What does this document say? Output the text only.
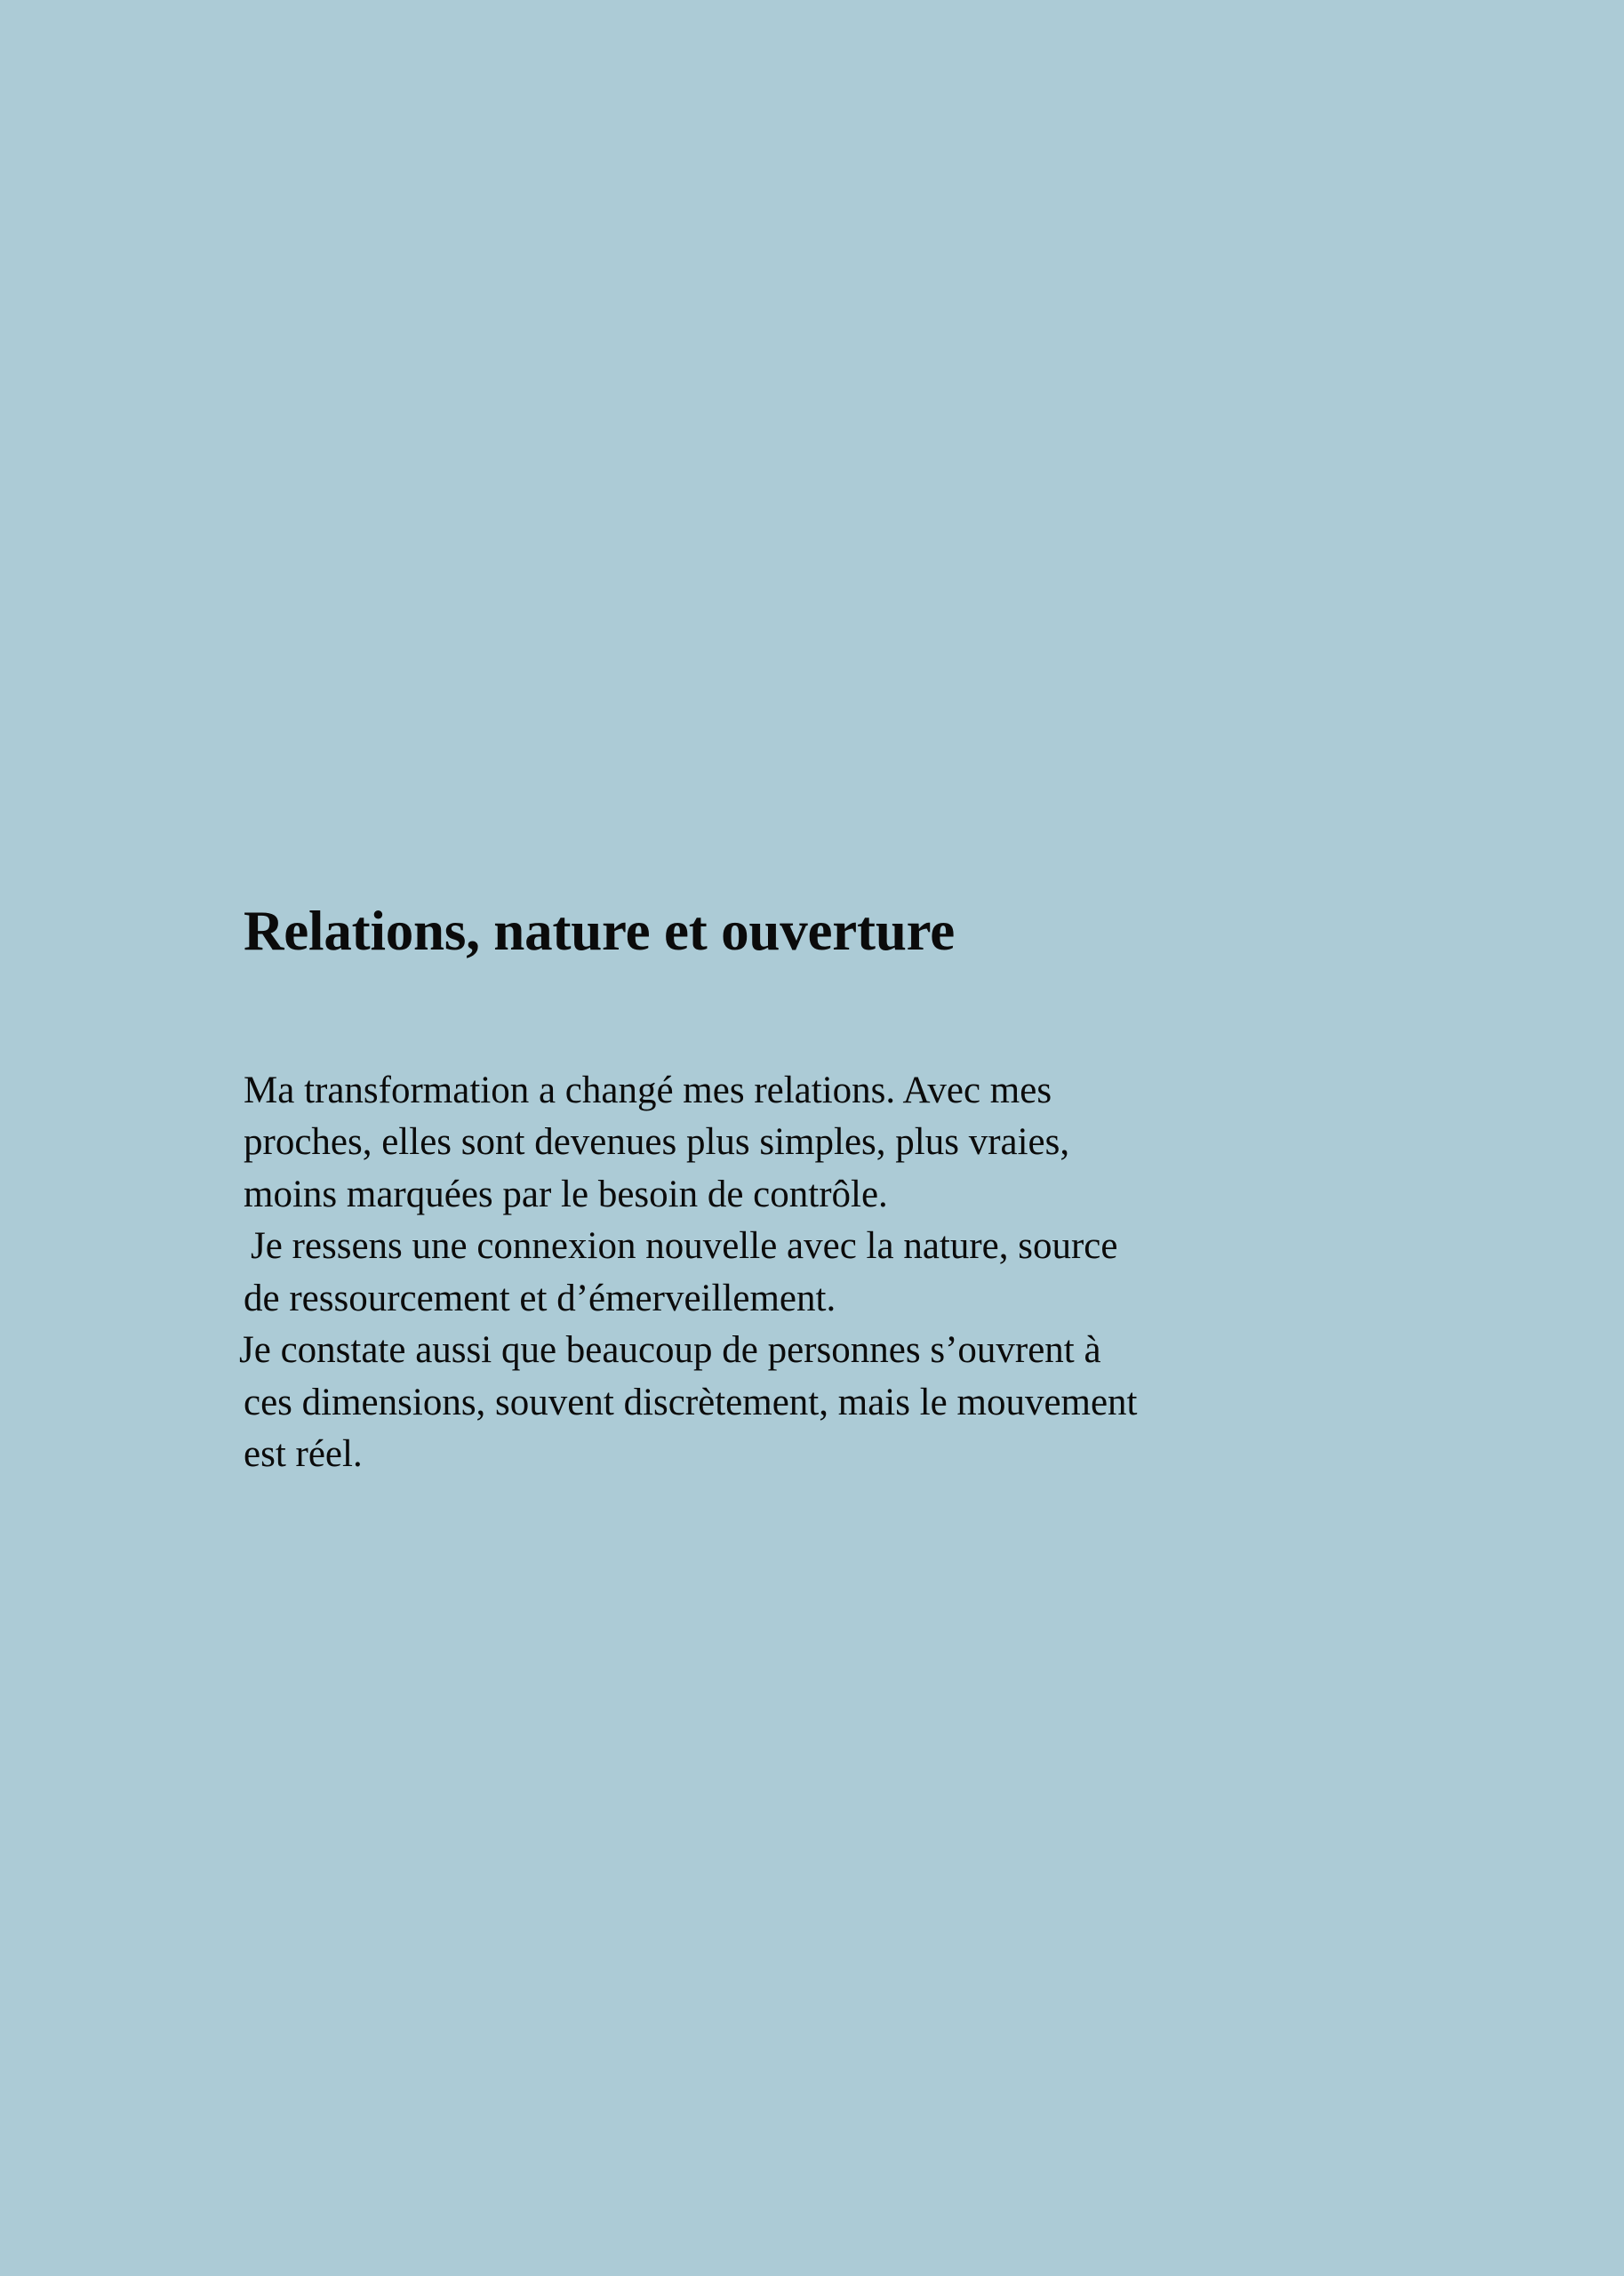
Relations, nature et ouverture
Ma transformation a changé mes relations. Avec mes
proches, elles sont devenues plus simples, plus vraies,
moins marquées par le besoin de contrôle.
Je ressens une connexion nouvelle avec la nature, source
de ressourcement et d’émerveillement.
Je constate aussi que beaucoup de personnes s’ouvrent à
ces dimensions, souvent discrètement, mais le mouvement
est réel.
